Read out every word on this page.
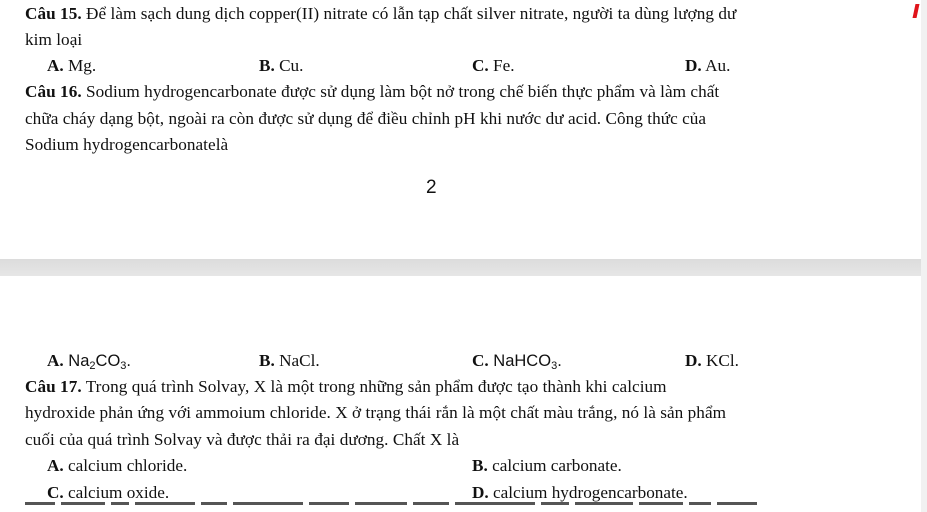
Câu 15. Để làm sạch dung dịch copper(II) nitrate có lẫn tạp chất silver nitrate, người ta dùng lượng dư
kim loại
A. Mg.	B. Cu.	C. Fe.	D. Au.
Câu 16. Sodium hydrogencarbonate được sử dụng làm bột nở trong chế biến thực phẩm và làm chất
chữa cháy dạng bột, ngoài ra còn được sử dụng để điều chỉnh pH khi nước dư acid. Công thức của
Sodium hydrogencarbonatelà
2
A. $Na_2CO_3$.	B. NaCl.	C. NaHCO$_3$.	D. KCl.
Câu 17. Trong quá trình Solvay, X là một trong những sản phẩm được tạo thành khi calcium
hydroxide phản ứng với ammoium chloride. X ở trạng thái rắn là một chất màu trắng, nó là sản phẩm
cuối của quá trình Solvay và được thải ra đại dương. Chất X là
A. calcium chloride.	B. calcium carbonate.
C. calcium oxide.	D. calcium hydrogencarbonate.
